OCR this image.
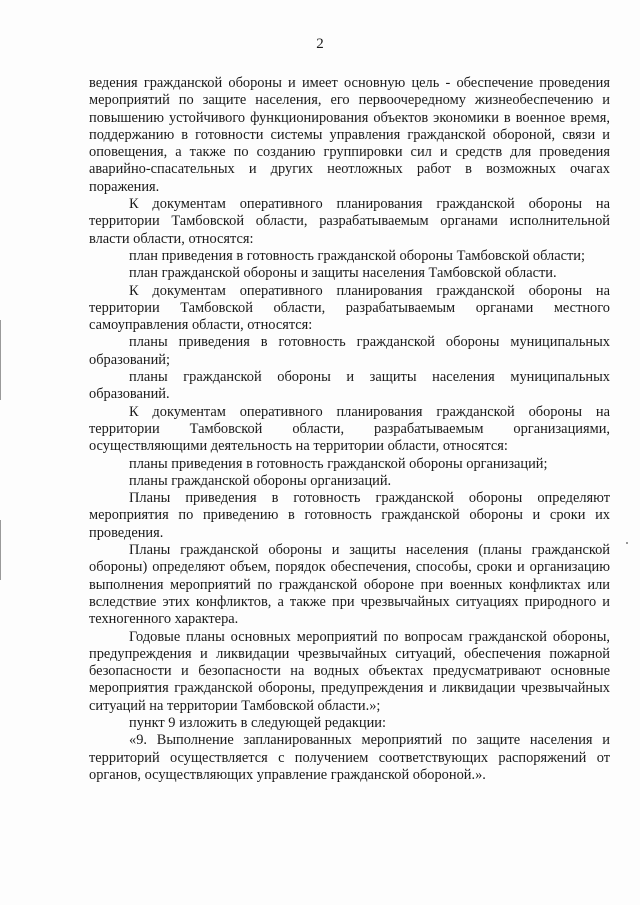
2

ведения гражданской обороны и имеет основную цель - обеспечение проведения мероприятий по защите населения, его первоочередному жизнеобеспечению и повышению устойчивого функционирования объектов экономики в военное время, поддержанию в готовности системы управления гражданской обороной, связи и оповещения, а также по созданию группировки сил и средств для проведения аварийно-спасательных и других неотложных работ в возможных очагах поражения.

К документам оперативного планирования гражданской обороны на территории Тамбовской области, разрабатываемым органами исполнительной власти области, относятся:

план приведения в готовность гражданской обороны Тамбовской области;

план гражданской обороны и защиты населения Тамбовской области.

К документам оперативного планирования гражданской обороны на территории Тамбовской области, разрабатываемым органами местного самоуправления области, относятся:

планы приведения в готовность гражданской обороны муниципальных образований;

планы гражданской обороны и защиты населения муниципальных образований.

К документам оперативного планирования гражданской обороны на территории Тамбовской области, разрабатываемым организациями, осуществляющими деятельность на территории области, относятся:

планы приведения в готовность гражданской обороны организаций;

планы гражданской обороны организаций.

Планы приведения в готовность гражданской обороны определяют мероприятия по приведению в готовность гражданской обороны и сроки их проведения.

Планы гражданской обороны и защиты населения (планы гражданской обороны) определяют объем, порядок обеспечения, способы, сроки и организацию выполнения мероприятий по гражданской обороне при военных конфликтах или вследствие этих конфликтов, а также при чрезвычайных ситуациях природного и техногенного характера.

Годовые планы основных мероприятий по вопросам гражданской обороны, предупреждения и ликвидации чрезвычайных ситуаций, обеспечения пожарной безопасности и безопасности на водных объектах предусматривают основные мероприятия гражданской обороны, предупреждения и ликвидации чрезвычайных ситуаций на территории Тамбовской области.»;

пункт 9 изложить в следующей редакции:

«9. Выполнение запланированных мероприятий по защите населения и территорий осуществляется с получением соответствующих распоряжений от органов, осуществляющих управление гражданской обороной.».
